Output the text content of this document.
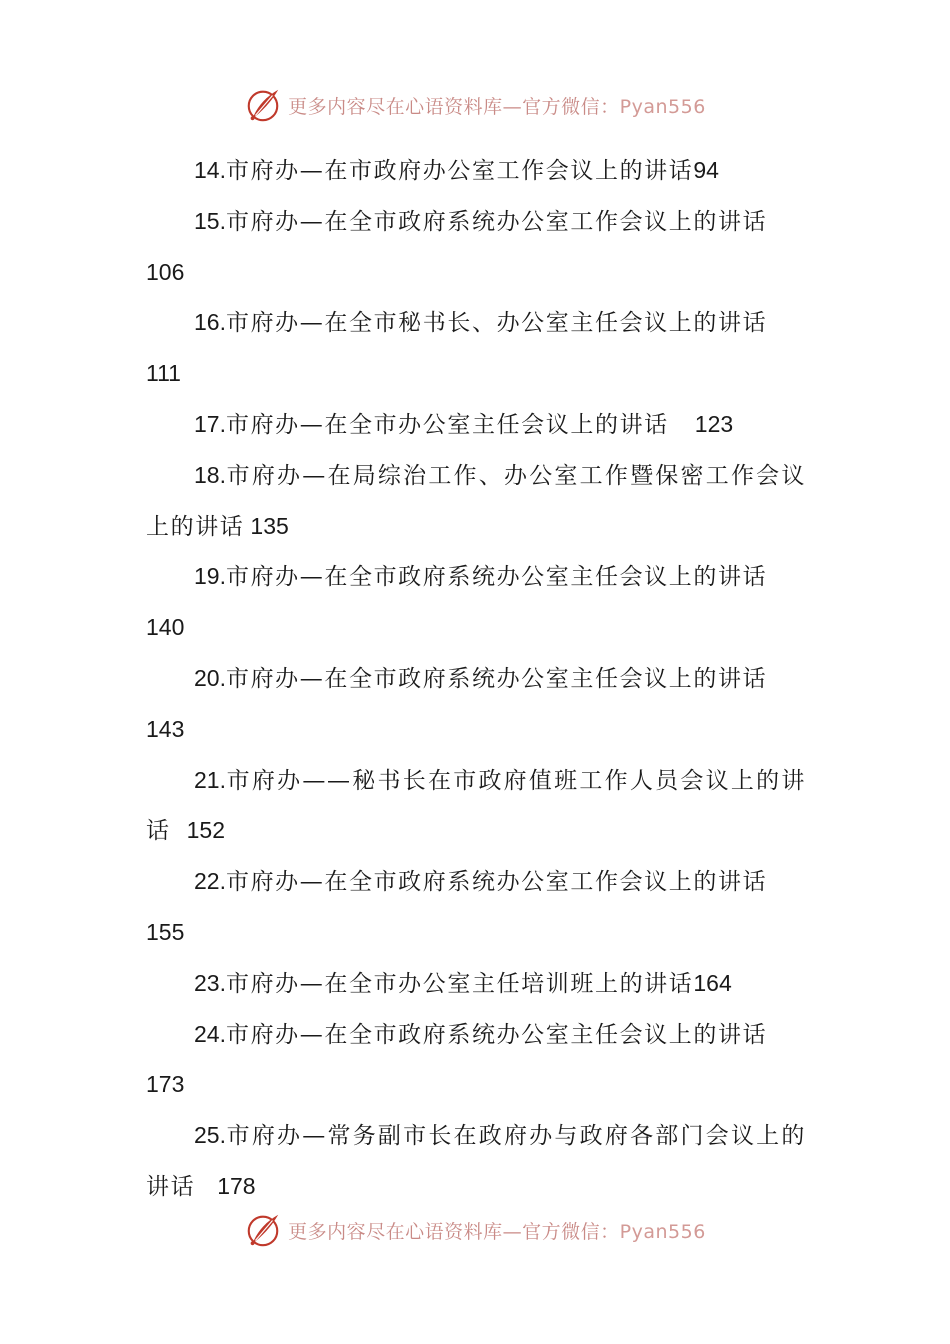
更多内容尽在心语资料库—官方微信：Pyan556

14.市府办—在市政府办公室工作会议上的讲话94

15.市府办—在全市政府系统办公室工作会议上的讲话
106

16.市府办—在全市秘书长、办公室主任会议上的讲话
111

17.市府办—在全市办公室主任会议上的讲话 123

18.市府办—在局综治工作、办公室工作暨保密工作会议上的讲话 135

19.市府办—在全市政府系统办公室主任会议上的讲话
140

20.市府办—在全市政府系统办公室主任会议上的讲话
143

21.市府办——秘书长在市政府值班工作人员会议上的讲话 152

22.市府办—在全市政府系统办公室工作会议上的讲话
155

23.市府办—在全市办公室主任培训班上的讲话164

24.市府办—在全市政府系统办公室主任会议上的讲话
173

25.市府办—常务副市长在政府办与政府各部门会议上的讲话 178

更多内容尽在心语资料库—官方微信：Pyan556
